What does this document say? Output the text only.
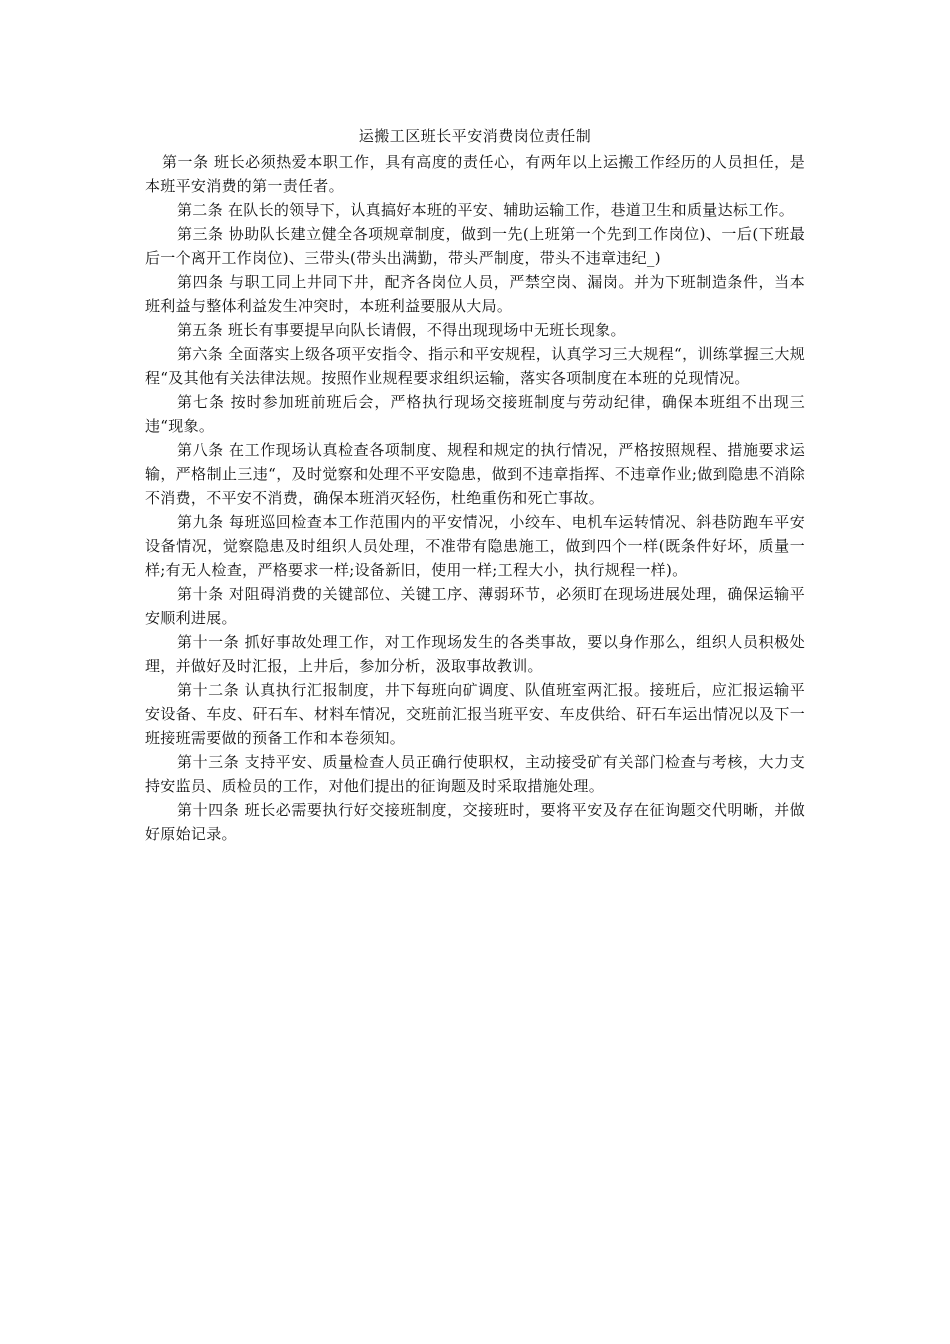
运搬工区班长平安消费岗位责任制

第一条 班长必须热爱本职工作，具有高度的责任心，有两年以上运搬工作经历的人员担任，是本班平安消费的第一责任者。

第二条 在队长的领导下，认真搞好本班的平安、辅助运输工作，巷道卫生和质量达标工作。

第三条 协助队长建立健全各项规章制度，做到一先(上班第一个先到工作岗位)、一后(下班最后一个离开工作岗位)、三带头(带头出满勤，带头严制度，带头不违章违纪_)

第四条 与职工同上井同下井，配齐各岗位人员，严禁空岗、漏岗。并为下班制造条件，当本班利益与整体利益发生冲突时，本班利益要服从大局。

第五条 班长有事要提早向队长请假，不得出现现场中无班长现象。

第六条 全面落实上级各项平安指令、指示和平安规程，认真学习三大规程“，训练掌握三大规程“及其他有关法律法规。按照作业规程要求组织运输，落实各项制度在本班的兑现情况。

第七条 按时参加班前班后会，严格执行现场交接班制度与劳动纪律，确保本班组不出现三违“现象。

第八条 在工作现场认真检查各项制度、规程和规定的执行情况，严格按照规程、措施要求运输，严格制止三违“，及时觉察和处理不平安隐患，做到不违章指挥、不违章作业;做到隐患不消除不消费，不平安不消费，确保本班消灭轻伤，杜绝重伤和死亡事故。

第九条 每班巡回检查本工作范围内的平安情况，小绞车、电机车运转情况、斜巷防跑车平安设备情况，觉察隐患及时组织人员处理，不准带有隐患施工，做到四个一样(既条件好坏，质量一样;有无人检查，严格要求一样;设备新旧，使用一样;工程大小，执行规程一样)。

第十条 对阻碍消费的关键部位、关键工序、薄弱环节，必须盯在现场进展处理，确保运输平安顺利进展。

第十一条 抓好事故处理工作，对工作现场发生的各类事故，要以身作那么，组织人员积极处理，并做好及时汇报，上井后，参加分析，汲取事故教训。

第十二条 认真执行汇报制度，井下每班向矿调度、队值班室两汇报。接班后，应汇报运输平安设备、车皮、矸石车、材料车情况，交班前汇报当班平安、车皮供给、矸石车运出情况以及下一班接班需要做的预备工作和本卷须知。

第十三条 支持平安、质量检查人员正确行使职权，主动接受矿有关部门检查与考核，大力支持安监员、质检员的工作，对他们提出的征询题及时采取措施处理。

第十四条 班长必需要执行好交接班制度，交接班时，要将平安及存在征询题交代明晰，并做好原始记录。
